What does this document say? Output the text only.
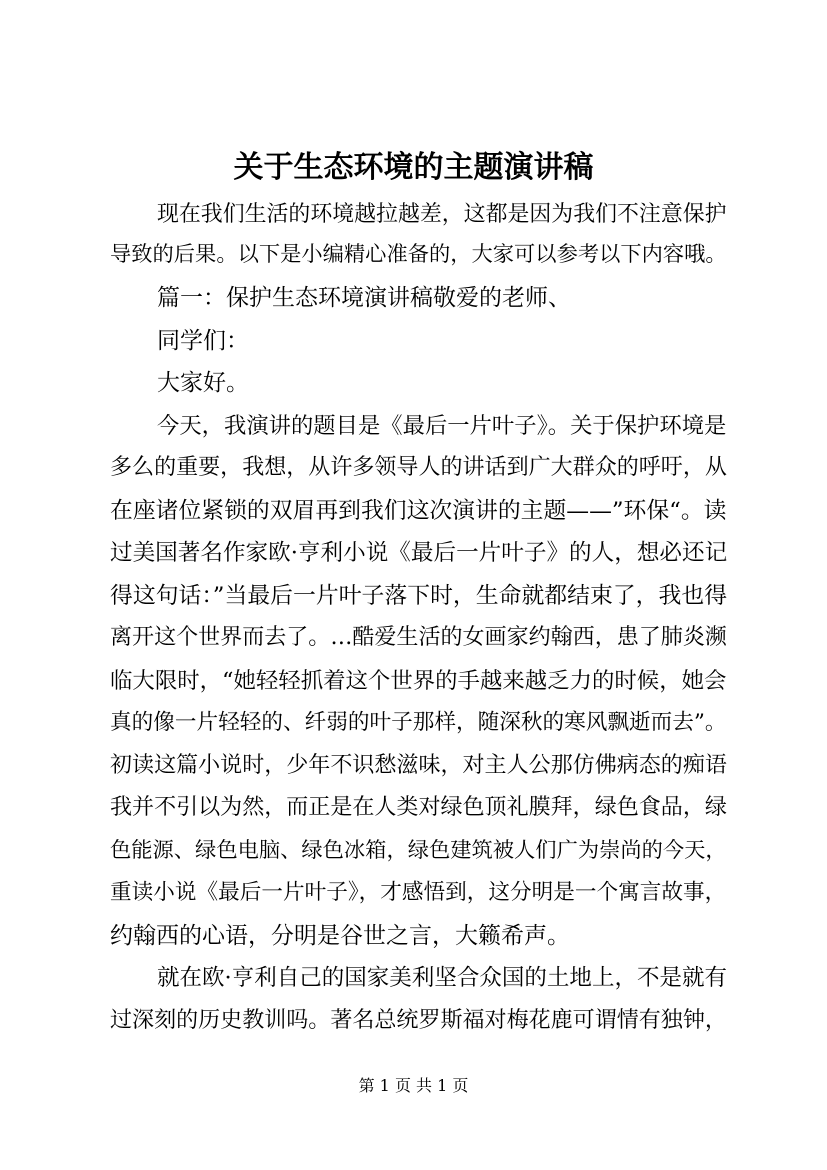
关于生态环境的主题演讲稿
现在我们生活的环境越拉越差，这都是因为我们不注意保护
导致的后果。以下是小编精心准备的，大家可以参考以下内容哦。
篇一：保护生态环境演讲稿敬爱的老师、
同学们：
大家好。
今天，我演讲的题目是《最后一片叶子》。关于保护环境是
多么的重要，我想，从许多领导人的讲话到广大群众的呼吁，从
在座诸位紧锁的双眉再到我们这次演讲的主题——”环保“。读
过美国著名作家欧·亨利小说《最后一片叶子》的人，想必还记
得这句话：”当最后一片叶子落下时，生命就都结束了，我也得
离开这个世界而去了。…酷爱生活的女画家约翰西，患了肺炎濒
临大限时，“她轻轻抓着这个世界的手越来越乏力的时候，她会
真的像一片轻轻的、纤弱的叶子那样，随深秋的寒风飘逝而去”。
初读这篇小说时，少年不识愁滋味，对主人公那仿佛病态的痴语
我并不引以为然，而正是在人类对绿色顶礼膜拜，绿色食品，绿
色能源、绿色电脑、绿色冰箱，绿色建筑被人们广为崇尚的今天，
重读小说《最后一片叶子》，才感悟到，这分明是一个寓言故事，
约翰西的心语，分明是谷世之言，大籁希声。
就在欧·亨利自己的国家美利坚合众国的土地上，不是就有
过深刻的历史教训吗。著名总统罗斯福对梅花鹿可谓情有独钟，
第 1 页 共 1 页
